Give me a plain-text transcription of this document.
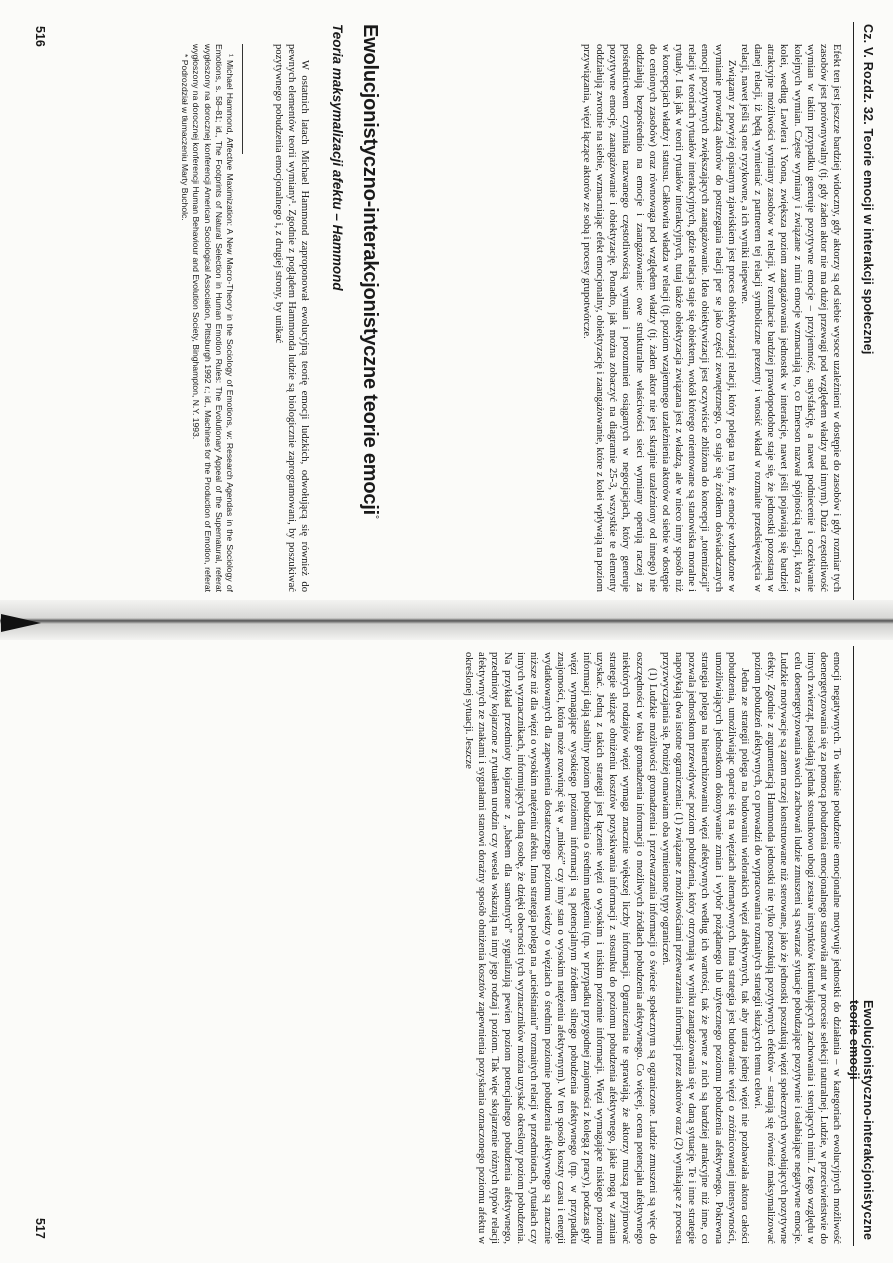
Cz. V. Rozdz. 32. Teorie emocji w interakcji społecznej

Efekt ten jest jeszcze bardziej widoczny, gdy aktorzy są od siebie wysoce uzależnieni w dostępie do zasobów i gdy rozmiar tych zasobów jest porównywalny (tj. gdy żaden aktor nie ma dużej przewagi pod względem władzy nad innym). Duża częstotliwość wymian w takim przypadku generuje pozytywne emocje – przyjemność, satysfakcję, a nawet podniecenie i oczekiwanie kolejnych wymian. Częste wymiany i związane z nimi emocje wzmacniają to, co Emerson nazwał spójnością relacji, która z kolei, według Lawlera i Yoona, zwiększa poziom zaangażowania jednostek w interakcje, nawet jeśli pojawiają się bardziej atrakcyjne możliwości wymiany zasobów w relacji. W rezultacie bardziej prawdopodobne staje się, że jednostki pozostaną w danej relacji, iż będą wymieniać z partnerem tej relacji symboliczne prezenty i wnosić wkład w rozmaite przedsięwzięcia w relacji, nawet jeśli są one ryzykowne, a ich wyniki niepewne.

Związany z powyżej opisanym zjawiskiem jest proces obiektywizacji relacji, który polega na tym, że emocje wzbudzone w wymianie prowadzą aktorów do postrzegania relacji per se jako części zewnętrznego, co staje się źródłem doświadczanych emocji pozytywnych zwiększających zaangażowanie. Idea obiektywizacji jest oczywiście zbliżona do koncepcji „totemizacji” relacji w teoriach rytuałów interakcyjnych, gdzie relacja staje się obiektem, wokół którego orientowane są stanowiska moralne i rytuały. I tak jak w teorii rytuałów interakcyjnych, tutaj także obiektyzacja związana jest z władzą, ale w nieco inny sposób niż w koncepcjach władzy i statusu. Całkowita władza w relacji (tj. poziom wzajemnego uzależnienia aktorów od siebie w dostępie do cenionych zasobów) oraz równowaga pod względem władzy (tj. żaden aktor nie jest skrajnie uzależniony od innego) nie oddziałują bezpośrednio na emocje i zaangażowanie: owe strukturalne właściwości sieci wymiany operują raczej za pośrednictwem czynnika nazwanego częstotliwością wymian i porozumień osiąganych w negocjacjach, który generuje pozytywne emocje, zaangażowanie i obiektyzację. Ponadto, jak można zobaczyć na diagramie 25-3, wszystkie te elementy oddziałują zwrotnie na siebie, wzmacniając efekt emocjonalny, obiektyzację i zaangażowanie, które z kolei wpływają na poziom przywiązania, więzi łączące aktorów ze sobą i procesy grupotwórcze.

Ewolucjonistyczno-interakcjonistyczne teorie emocji°
Teoria maksymalizacji afektu – Hammond

W ostatnich latach Michael Hammond zaproponował ewolucyjną teorię emocji ludzkich, odwołującą się również do pewnych elementów teorii wymiany¹. Zgodnie z poglądem Hammonda ludzie są biologicznie zaprogramowani, by poszukiwać pozytywnego pobudzenia emocjonalnego i, z drugiej strony, by unikać

¹ Michael Hammond, Affective Maximization: A New Macro-Theory in the Sociology of Emotions, w: Research Agendas in the Sociology of Emotions, s. 58–81; id., The Footprints of Natural Selection in Human Emotion Rules: The Evolutionary Appeal of the Supernatural, referat wygłoszony na dorocznej konferencji American Sociological Association, Pittsburgh 1992 r.; id., Machines for the Production of Emotion, referat wygłoszony na dorocznej konferencji Human Behaviour and Evolution Society, Binghampton, N.Y. 1993.

* Podrozdział w tłumaczeniu Marty Bucholc.

516
Ewolucjonistyczno-interakcjonistyczne teorie emocji

emocji negatywnych. To właśnie pobudzenie emocjonalne motywuje jednostki do działania – w kategoriach ewolucyjnych możliwość doenergetyzowania się za pomocą pobudzenia emocjonalnego stanowiła atut w procesie selekcji naturalnej. Ludzie, w przeciwieństwie do innych zwierząt, posiadają jednak stosunkowo ubogi zestaw instynktów kierunkujących zachowania i sterujących nimi. Z tego względu w celu doenergetyzowania swoich zachowań ludzie zmuszeni są stwarzać sytuacje pobudzające pozytywnie i osłabiające negatywne emocje. Ludzkie motywacje są zatem raczej konstruowane niż sterowane, jako że jednostki poszukują więzi społecznych wywołujących pozytywne efekty. Zgodnie z argumentacją Hammonda jednostki nie tylko poszukują pozytywnych efektów – starają się również maksymalizować poziom pobudzeń afektywnych, co prowadzi do wypracowania rozmaitych strategii służących temu celowi.

Jedna ze strategii polega na budowaniu wielorakich więzi afektywnych, tak aby utrata jednej więzi nie pozbawiała aktora całości pobudzenia, umożliwiając oparcie się na więziach alternatywnych. Inna strategia jest budowanie więzi o zróżnicowanej intensywności, umożliwiających jednostkom dokonywanie zmian i wybór pożądanego lub użytecznego poziomu pobudzenia afektywnego. Pokrewna strategia polega na hierarchizowaniu więzi afektywnych według ich wartości, tak że pewne z nich są bardziej atrakcyjne niż inne, co pozwala jednostkom przewidywać poziom pobudzenia, który otrzymają w wyniku zaangażowania się w daną sytuację. Te i inne strategie napotykają dwa istotne ograniczenia: (1) związane z możliwościami przetwarzania informacji przez aktorów oraz (2) wynikające z procesu przyzwyczajania się. Poniżej omawiam oba wymienione typy ograniczeń.

(1) Ludzkie możliwości gromadzenia i przetwarzania informacji o świecie społecznym są ograniczone. Ludzie zmuszeni są więc do oszczędności w toku gromadzenia informacji o możliwych źródłach pobudzenia afektywnego. Co więcej, ocena potencjału afektywnego niektórych rodzajów więzi wymaga znacznie większej liczby informacji. Ograniczenia te sprawiają, że aktorzy muszą przyjmować strategie służące obniżeniu kosztów pozyskiwania informacji z stosunku do poziomu pobudzenia afektywnego, jakie mogą w zamian uzyskać. Jedną z takich strategii jest łączenie więzi o wysokim i niskim poziomie informacji. Więzi wymagające niskiego poziomu informacji dają stabilny poziom pobudzenia o średnim natężeniu (np. w przypadku przygodnej znajomości z kolegą z pracy), podczas gdy więzi wymagające wysokiego poziomu informacji są potencjalnym źródłem silnego pobudzenia afektywnego (np. w przypadku znajomości, która może rozwinąć się w „miłość” czy inny stan o wysokim natężeniu afektywnym). W ten sposób koszty czasu i energii wydatkowanych dla zapewnienia dostatecznego poziomu wiedzy o więziach o średnim poziomie pobudzenia afektywnego są znacznie niższe niż dla więzi o wysokim natężeniu afektu. Inna strategia polega na „uciełśnianiu” rozmaitych relacji w przedmiotach, rytuałach czy innych wyznacznikach, informujących daną osobę, że dzięki obecności tych wyznaczników można uzyskać określony poziom pobudzenia. Na przykład przedmioty kojarzone z „babem dla samotnych” sygnalizują pewien poziom potencjalnego pobudzenia afektywnego, przedmioty kojarzone z rytuałem urodzin czy wesela wskazują na inny jego rodzaj i poziom. Tak więc skojarzenie różnych typów relacji afektywnych ze znakami i sygnałami stanowi doraźny sposób obniżenia kosztów zapewnienia pozyskania oznaczonego poziomu afektu w określonej sytuacji. Jeszcze

517
